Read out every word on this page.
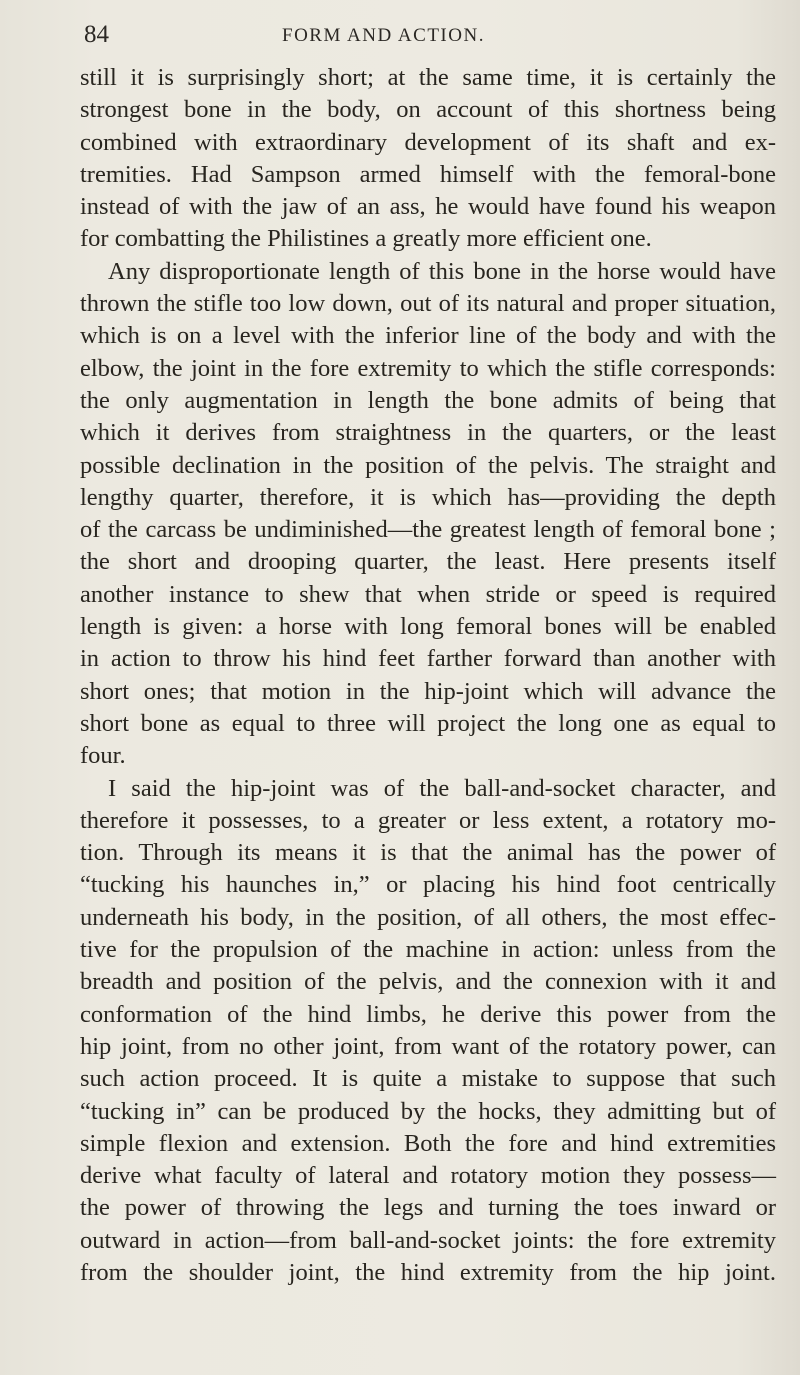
84	FORM AND ACTION.
still it is surprisingly short; at the same time, it is certainly the
strongest bone in the body, on account of this shortness being
combined with extraordinary development of its shaft and ex-
tremities. Had Sampson armed himself with the femoral-bone
instead of with the jaw of an ass, he would have found his weapon
for combatting the Philistines a greatly more efficient one.
Any disproportionate length of this bone in the horse would have
thrown the stifle too low down, out of its natural and proper situation,
which is on a level with the inferior line of the body and with the
elbow, the joint in the fore extremity to which the stifle corresponds:
the only augmentation in length the bone admits of being that
which it derives from straightness in the quarters, or the least
possible declination in the position of the pelvis. The straight and
lengthy quarter, therefore, it is which has—providing the depth
of the carcass be undiminished—the greatest length of femoral bone ;
the short and drooping quarter, the least. Here presents itself
another instance to shew that when stride or speed is required
length is given: a horse with long femoral bones will be enabled
in action to throw his hind feet farther forward than another with
short ones; that motion in the hip-joint which will advance the
short bone as equal to three will project the long one as equal to
four.
I said the hip-joint was of the ball-and-socket character, and
therefore it possesses, to a greater or less extent, a rotatory mo-
tion. Through its means it is that the animal has the power of
“tucking his haunches in,” or placing his hind foot centrically
underneath his body, in the position, of all others, the most effec-
tive for the propulsion of the machine in action: unless from the
breadth and position of the pelvis, and the connexion with it and
conformation of the hind limbs, he derive this power from the
hip joint, from no other joint, from want of the rotatory power, can
such action proceed. It is quite a mistake to suppose that such
“tucking in” can be produced by the hocks, they admitting but of
simple flexion and extension. Both the fore and hind extremities
derive what faculty of lateral and rotatory motion they possess—
the power of throwing the legs and turning the toes inward or
outward in action—from ball-and-socket joints: the fore extremity
from the shoulder joint, the hind extremity from the hip joint.
